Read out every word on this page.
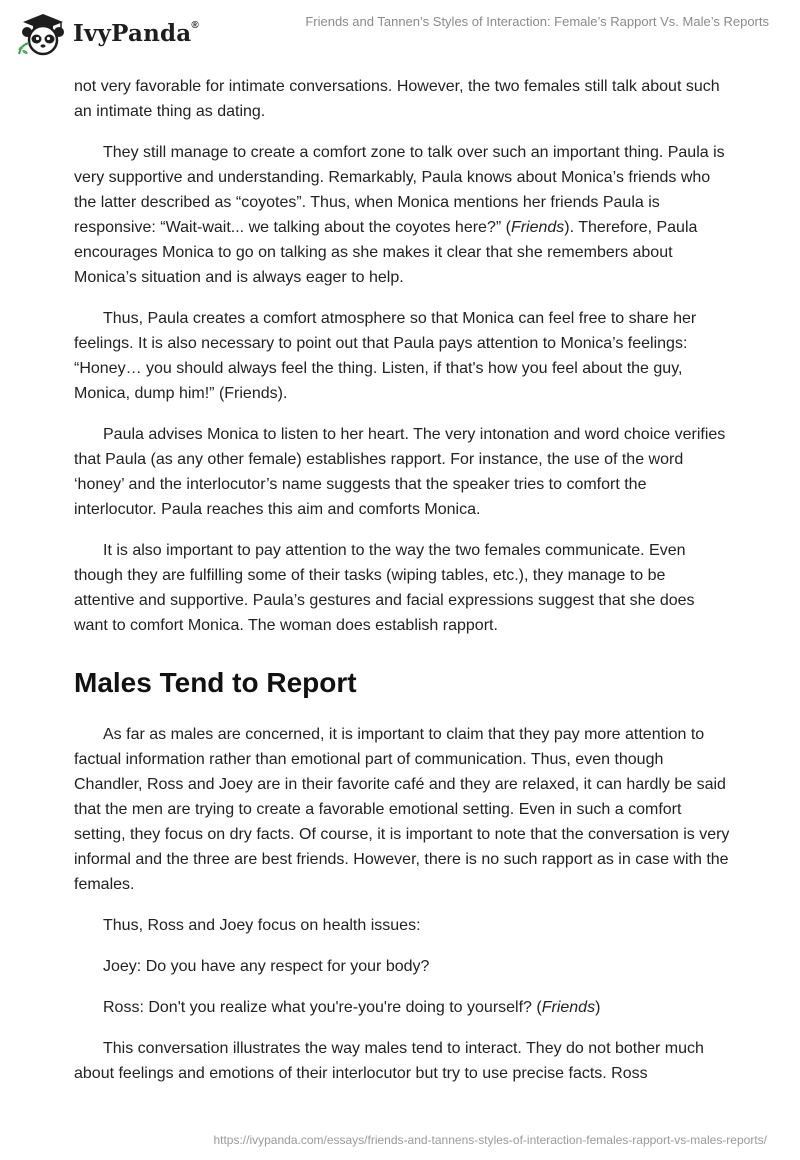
IvyPanda®	Friends and Tannen’s Styles of Interaction: Female’s Rapport Vs. Male’s Reports

not very favorable for intimate conversations. However, the two females still talk about such an intimate thing as dating.

They still manage to create a comfort zone to talk over such an important thing. Paula is very supportive and understanding. Remarkably, Paula knows about Monica’s friends who the latter described as “coyotes”. Thus, when Monica mentions her friends Paula is responsive: “Wait-wait... we talking about the coyotes here?” (Friends). Therefore, Paula encourages Monica to go on talking as she makes it clear that she remembers about Monica’s situation and is always eager to help.

Thus, Paula creates a comfort atmosphere so that Monica can feel free to share her feelings. It is also necessary to point out that Paula pays attention to Monica’s feelings: “Honey… you should always feel the thing. Listen, if that's how you feel about the guy, Monica, dump him!” (Friends).

Paula advises Monica to listen to her heart. The very intonation and word choice verifies that Paula (as any other female) establishes rapport. For instance, the use of the word ‘honey’ and the interlocutor’s name suggests that the speaker tries to comfort the interlocutor. Paula reaches this aim and comforts Monica.

It is also important to pay attention to the way the two females communicate. Even though they are fulfilling some of their tasks (wiping tables, etc.), they manage to be attentive and supportive. Paula’s gestures and facial expressions suggest that she does want to comfort Monica. The woman does establish rapport.

Males Tend to Report

As far as males are concerned, it is important to claim that they pay more attention to factual information rather than emotional part of communication. Thus, even though Chandler, Ross and Joey are in their favorite café and they are relaxed, it can hardly be said that the men are trying to create a favorable emotional setting. Even in such a comfort setting, they focus on dry facts. Of course, it is important to note that the conversation is very informal and the three are best friends. However, there is no such rapport as in case with the females.

Thus, Ross and Joey focus on health issues:

Joey: Do you have any respect for your body?

Ross: Don't you realize what you're-you're doing to yourself? (Friends)

This conversation illustrates the way males tend to interact. They do not bother much about feelings and emotions of their interlocutor but try to use precise facts. Ross

https://ivypanda.com/essays/friends-and-tannens-styles-of-interaction-females-rapport-vs-males-reports/
